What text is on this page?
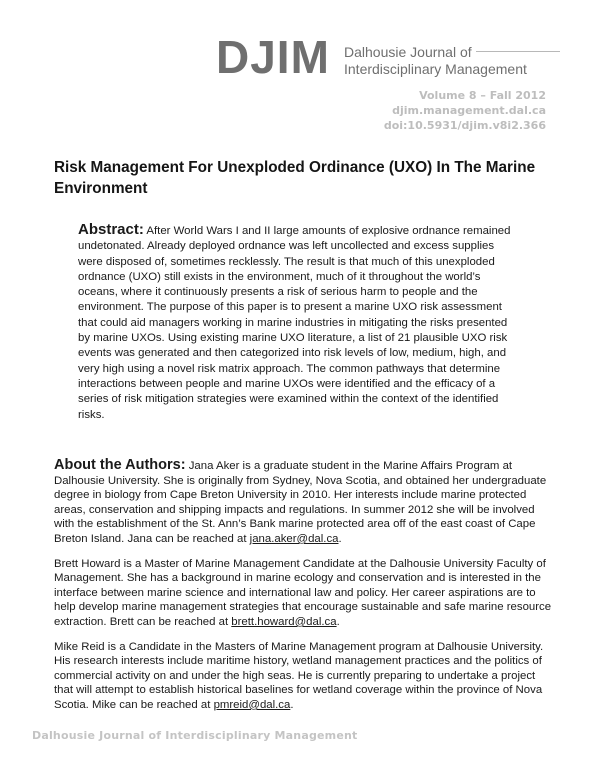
DJIM Dalhousie Journal of
Interdisciplinary Management
Volume 8 – Fall 2012
djim.management.dal.ca
doi:10.5931/djim.v8i2.366
Risk Management For Unexploded Ordinance (UXO) In The Marine Environment
Abstract: After World Wars I and II large amounts of explosive ordnance remained undetonated. Already deployed ordnance was left uncollected and excess supplies were disposed of, sometimes recklessly. The result is that much of this unexploded ordnance (UXO) still exists in the environment, much of it throughout the world’s oceans, where it continuously presents a risk of serious harm to people and the environment. The purpose of this paper is to present a marine UXO risk assessment that could aid managers working in marine industries in mitigating the risks presented by marine UXOs. Using existing marine UXO literature, a list of 21 plausible UXO risk events was generated and then categorized into risk levels of low, medium, high, and very high using a novel risk matrix approach. The common pathways that determine interactions between people and marine UXOs were identified and the efficacy of a series of risk mitigation strategies were examined within the context of the identified risks.

About the Authors: Jana Aker is a graduate student in the Marine Affairs Program at Dalhousie University. She is originally from Sydney, Nova Scotia, and obtained her undergraduate degree in biology from Cape Breton University in 2010. Her interests include marine protected areas, conservation and shipping impacts and regulations. In summer 2012 she will be involved with the establishment of the St. Ann’s Bank marine protected area off of the east coast of Cape Breton Island. Jana can be reached at jana.aker@dal.ca.

Brett Howard is a Master of Marine Management Candidate at the Dalhousie University Faculty of Management. She has a background in marine ecology and conservation and is interested in the interface between marine science and international law and policy. Her career aspirations are to help develop marine management strategies that encourage sustainable and safe marine resource extraction. Brett can be reached at brett.howard@dal.ca.

Mike Reid is a Candidate in the Masters of Marine Management program at Dalhousie University. His research interests include maritime history, wetland management practices and the politics of commercial activity on and under the high seas. He is currently preparing to undertake a project that will attempt to establish historical baselines for wetland coverage within the province of Nova Scotia. Mike can be reached at pmreid@dal.ca.

Dalhousie Journal of Interdisciplinary Management
